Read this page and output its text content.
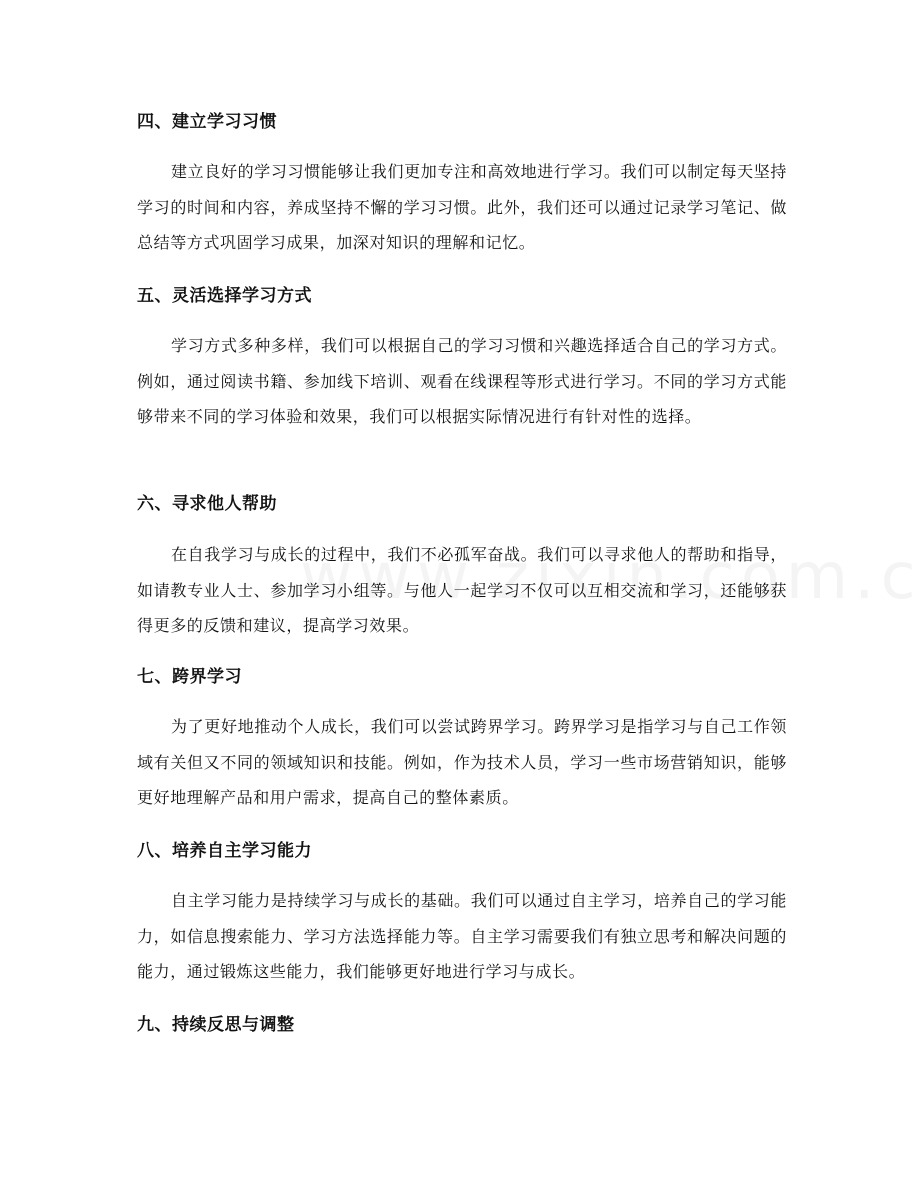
四、建立学习习惯

建立良好的学习习惯能够让我们更加专注和高效地进行学习。我们可以制定每天坚持学习的时间和内容，养成坚持不懈的学习习惯。此外，我们还可以通过记录学习笔记、做总结等方式巩固学习成果，加深对知识的理解和记忆。

五、灵活选择学习方式

学习方式多种多样，我们可以根据自己的学习习惯和兴趣选择适合自己的学习方式。例如，通过阅读书籍、参加线下培训、观看在线课程等形式进行学习。不同的学习方式能够带来不同的学习体验和效果，我们可以根据实际情况进行有针对性的选择。

六、寻求他人帮助

在自我学习与成长的过程中，我们不必孤军奋战。我们可以寻求他人的帮助和指导，如请教专业人士、参加学习小组等。与他人一起学习不仅可以互相交流和学习，还能够获得更多的反馈和建议，提高学习效果。

七、跨界学习

为了更好地推动个人成长，我们可以尝试跨界学习。跨界学习是指学习与自己工作领域有关但又不同的领域知识和技能。例如，作为技术人员，学习一些市场营销知识，能够更好地理解产品和用户需求，提高自己的整体素质。

八、培养自主学习能力

自主学习能力是持续学习与成长的基础。我们可以通过自主学习，培养自己的学习能力，如信息搜索能力、学习方法选择能力等。自主学习需要我们有独立思考和解决问题的能力，通过锻炼这些能力，我们能够更好地进行学习与成长。

九、持续反思与调整
